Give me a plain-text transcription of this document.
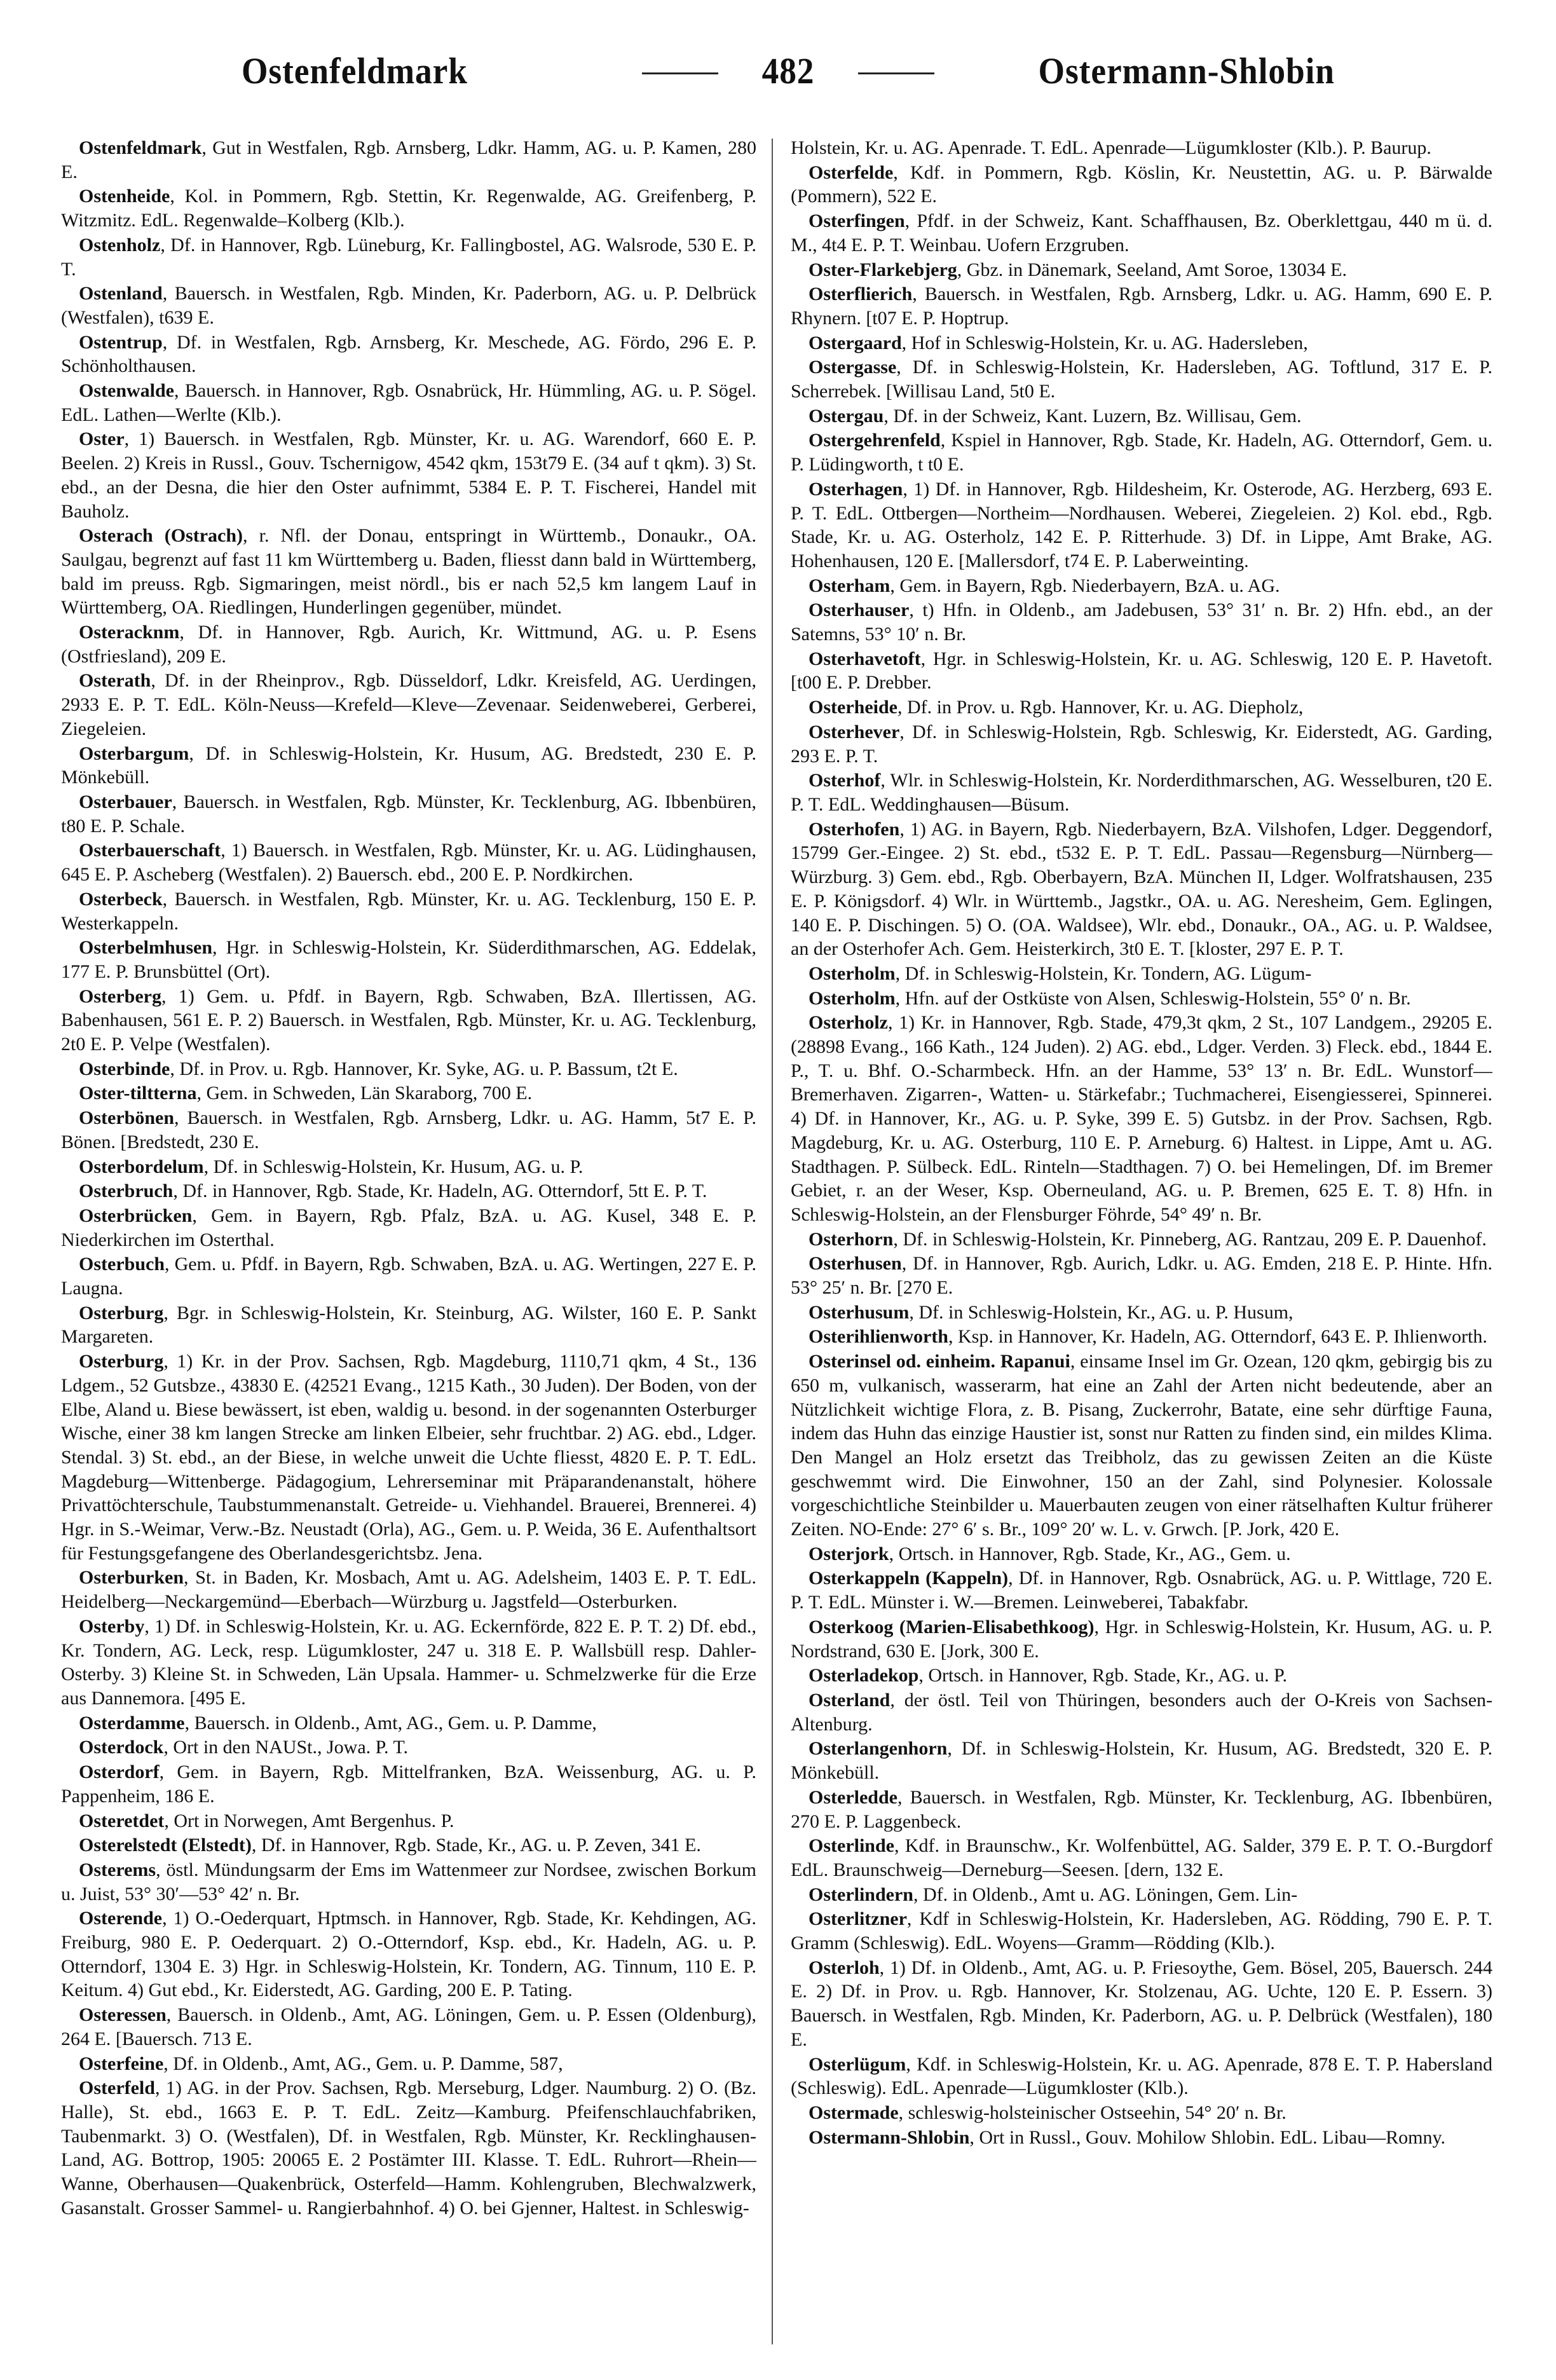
Ostenfeldmark	482	Ostermann-Shlobin

Ostenfeldmark, Gut in Westfalen, Rgb. Arnsberg, Ldkr. Hamm, AG. u. P. Kamen, 280 E.

Ostenheide, Kol. in Pommern, Rgb. Stettin, Kr. Regenwalde, AG. Greifenberg, P. Witzmitz. EdL. Regenwalde–Kolberg (Klb.).

Ostenholz, Df. in Hannover, Rgb. Lüneburg, Kr. Fallingbostel, AG. Walsrode, 530 E. P. T.

Ostenland, Bauersch. in Westfalen, Rgb. Minden, Kr. Paderborn, AG. u. P. Delbrück (Westfalen), t639 E.

Ostentrup, Df. in Westfalen, Rgb. Arnsberg, Kr. Meschede, AG. Fördo, 296 E. P. Schönholthausen.

Ostenwalde, Bauersch. in Hannover, Rgb. Osnabrück, Hr. Hümmling, AG. u. P. Sögel. EdL. Lathen—Werlte (Klb.).

Oster, 1) Bauersch. in Westfalen, Rgb. Münster, Kr. u. AG. Warendorf, 660 E. P. Beelen. 2) Kreis in Russl., Gouv. Tschernigow, 4542 qkm, 153t79 E. (34 auf t qkm). 3) St. ebd., an der Desna, die hier den Oster aufnimmt, 5384 E. P. T. Fischerei, Handel mit Bauholz.

Osterach (Ostrach), r. Nfl. der Donau, entspringt in Württemb., Donaukr., OA. Saulgau, begrenzt auf fast 11 km Württemberg u. Baden, fliesst dann bald in Württemberg, bald im preuss. Rgb. Sigmaringen, meist nördl., bis er nach 52,5 km langem Lauf in Württemberg, OA. Riedlingen, Hunderlingen gegenüber, mündet.

Osteracknm, Df. in Hannover, Rgb. Aurich, Kr. Wittmund, AG. u. P. Esens (Ostfriesland), 209 E.

Osterath, Df. in der Rheinprov., Rgb. Düsseldorf, Ldkr. Kreisfeld, AG. Uerdingen, 2933 E. P. T. EdL. Köln-Neuss—Krefeld—Kleve—Zevenaar. Seidenweberei, Gerberei, Ziegeleien.

Osterbargum, Df. in Schleswig-Holstein, Kr. Husum, AG. Bredstedt, 230 E. P. Mönkebüll.

Osterbauer, Bauersch. in Westfalen, Rgb. Münster, Kr. Tecklenburg, AG. Ibbenbüren, t80 E. P. Schale.

Osterbauerschaft, 1) Bauersch. in Westfalen, Rgb. Münster, Kr. u. AG. Lüdinghausen, 645 E. P. Ascheberg (Westfalen). 2) Bauersch. ebd., 200 E. P. Nordkirchen.

Osterbeck, Bauersch. in Westfalen, Rgb. Münster, Kr. u. AG. Tecklenburg, 150 E. P. Westerkappeln.

Osterbelmhusen, Hgr. in Schleswig-Holstein, Kr. Süderdithmarschen, AG. Eddelak, 177 E. P. Brunsbüttel (Ort).

Osterberg, 1) Gem. u. Pfdf. in Bayern, Rgb. Schwaben, BzA. Illertissen, AG. Babenhausen, 561 E. P. 2) Bauersch. in Westfalen, Rgb. Münster, Kr. u. AG. Tecklenburg, 2t0 E. P. Velpe (Westfalen).

Osterbinde, Df. in Prov. u. Rgb. Hannover, Kr. Syke, AG. u. P. Bassum, t2t E.

Oster-tiltterna, Gem. in Schweden, Län Skaraborg, 700 E.

Osterbönen, Bauersch. in Westfalen, Rgb. Arnsberg, Ldkr. u. AG. Hamm, 5t7 E. P. Bönen. [Bredstedt, 230 E.

Osterbordelum, Df. in Schleswig-Holstein, Kr. Husum, AG. u. P.

Osterbruch, Df. in Hannover, Rgb. Stade, Kr. Hadeln, AG. Otterndorf, 5tt E. P. T.

Osterbrücken, Gem. in Bayern, Rgb. Pfalz, BzA. u. AG. Kusel, 348 E. P. Niederkirchen im Osterthal.

Osterbuch, Gem. u. Pfdf. in Bayern, Rgb. Schwaben, BzA. u. AG. Wertingen, 227 E. P. Laugna.

Osterburg, Bgr. in Schleswig-Holstein, Kr. Steinburg, AG. Wilster, 160 E. P. Sankt Margareten.

Osterburg, 1) Kr. in der Prov. Sachsen, Rgb. Magdeburg, 1110,71 qkm, 4 St., 136 Ldgem., 52 Gutsbze., 43830 E. (42521 Evang., 1215 Kath., 30 Juden). Der Boden, von der Elbe, Aland u. Biese bewässert, ist eben, waldig u. besond. in der sogenannten Osterburger Wische, einer 38 km langen Strecke am linken Elbeier, sehr fruchtbar. 2) AG. ebd., Ldger. Stendal. 3) St. ebd., an der Biese, in welche unweit die Uchte fliesst, 4820 E. P. T. EdL. Magdeburg—Wittenberge. Pädagogium, Lehrerseminar mit Präparandenanstalt, höhere Privattöchterschule, Taubstummenanstalt. Getreide- u. Viehhandel. Brauerei, Brennerei. 4) Hgr. in S.-Weimar, Verw.-Bz. Neustadt (Orla), AG., Gem. u. P. Weida, 36 E. Aufenthaltsort für Festungsgefangene des Oberlandesgerichtsbz. Jena.

Osterburken, St. in Baden, Kr. Mosbach, Amt u. AG. Adelsheim, 1403 E. P. T. EdL. Heidelberg—Neckargemünd—Eberbach—Würzburg u. Jagstfeld—Osterburken.

Osterby, 1) Df. in Schleswig-Holstein, Kr. u. AG. Eckernförde, 822 E. P. T. 2) Df. ebd., Kr. Tondern, AG. Leck, resp. Lügumkloster, 247 u. 318 E. P. Wallsbüll resp. Dahler-Osterby. 3) Kleine St. in Schweden, Län Upsala. Hammer- u. Schmelzwerke für die Erze aus Dannemora. [495 E.

Osterdamme, Bauersch. in Oldenb., Amt, AG., Gem. u. P. Damme,

Osterdock, Ort in den NAUSt., Jowa. P. T.

Osterdorf, Gem. in Bayern, Rgb. Mittelfranken, BzA. Weissenburg, AG. u. P. Pappenheim, 186 E.

Osteretdet, Ort in Norwegen, Amt Bergenhus. P.

Osterelstedt (Elstedt), Df. in Hannover, Rgb. Stade, Kr., AG. u. P. Zeven, 341 E.

Osterems, östl. Mündungsarm der Ems im Wattenmeer zur Nordsee, zwischen Borkum u. Juist, 53° 30′—53° 42′ n. Br.

Osterende, 1) O.-Oederquart, Hptmsch. in Hannover, Rgb. Stade, Kr. Kehdingen, AG. Freiburg, 980 E. P. Oederquart. 2) O.-Otterndorf, Ksp. ebd., Kr. Hadeln, AG. u. P. Otterndorf, 1304 E. 3) Hgr. in Schleswig-Holstein, Kr. Tondern, AG. Tinnum, 110 E. P. Keitum. 4) Gut ebd., Kr. Eiderstedt, AG. Garding, 200 E. P. Tating.

Osteressen, Bauersch. in Oldenb., Amt, AG. Löningen, Gem. u. P. Essen (Oldenburg), 264 E. [Bauersch. 713 E.

Osterfeine, Df. in Oldenb., Amt, AG., Gem. u. P. Damme, 587,

Osterfeld, 1) AG. in der Prov. Sachsen, Rgb. Merseburg, Ldger. Naumburg. 2) O. (Bz. Halle), St. ebd., 1663 E. P. T. EdL. Zeitz—Kamburg. Pfeifenschlauchfabriken, Taubenmarkt. 3) O. (Westfalen), Df. in Westfalen, Rgb. Münster, Kr. Recklinghausen-Land, AG. Bottrop, 1905: 20065 E. 2 Postämter III. Klasse. T. EdL. Ruhrort—Rhein—Wanne, Oberhausen—Quakenbrück, Osterfeld—Hamm. Kohlengruben, Blechwalzwerk, Gasanstalt. Grosser Sammel- u. Rangierbahnhof. 4) O. bei Gjenner, Haltest. in Schleswig-

Holstein, Kr. u. AG. Apenrade. T. EdL. Apenrade—Lügumkloster (Klb.). P. Baurup.

Osterfelde, Kdf. in Pommern, Rgb. Köslin, Kr. Neustettin, AG. u. P. Bärwalde (Pommern), 522 E.

Osterfingen, Pfdf. in der Schweiz, Kant. Schaffhausen, Bz. Oberklettgau, 440 m ü. d. M., 4t4 E. P. T. Weinbau. Uofern Erzgruben.

Oster-Flarkebjerg, Gbz. in Dänemark, Seeland, Amt Soroe, 13034 E.

Osterflierich, Bauersch. in Westfalen, Rgb. Arnsberg, Ldkr. u. AG. Hamm, 690 E. P. Rhynern. [t07 E. P. Hoptrup.

Ostergaard, Hof in Schleswig-Holstein, Kr. u. AG. Hadersleben,

Ostergasse, Df. in Schleswig-Holstein, Kr. Hadersleben, AG. Toftlund, 317 E. P. Scherrebek. [Willisau Land, 5t0 E.

Ostergau, Df. in der Schweiz, Kant. Luzern, Bz. Willisau, Gem.

Ostergehrenfeld, Kspiel in Hannover, Rgb. Stade, Kr. Hadeln, AG. Otterndorf, Gem. u. P. Lüdingworth, t t0 E.

Osterhagen, 1) Df. in Hannover, Rgb. Hildesheim, Kr. Osterode, AG. Herzberg, 693 E. P. T. EdL. Ottbergen—Northeim—Nordhausen. Weberei, Ziegeleien. 2) Kol. ebd., Rgb. Stade, Kr. u. AG. Osterholz, 142 E. P. Ritterhude. 3) Df. in Lippe, Amt Brake, AG. Hohenhausen, 120 E. [Mallersdorf, t74 E. P. Laberweinting.

Osterham, Gem. in Bayern, Rgb. Niederbayern, BzA. u. AG.

Osterhauser, t) Hfn. in Oldenb., am Jadebusen, 53° 31′ n. Br. 2) Hfn. ebd., an der Satemns, 53° 10′ n. Br.

Osterhavetoft, Hgr. in Schleswig-Holstein, Kr. u. AG. Schleswig, 120 E. P. Havetoft. [t00 E. P. Drebber.

Osterheide, Df. in Prov. u. Rgb. Hannover, Kr. u. AG. Diepholz,

Osterhever, Df. in Schleswig-Holstein, Rgb. Schleswig, Kr. Eiderstedt, AG. Garding, 293 E. P. T.

Osterhof, Wlr. in Schleswig-Holstein, Kr. Norderdithmarschen, AG. Wesselburen, t20 E. P. T. EdL. Weddinghausen—Büsum.

Osterhofen, 1) AG. in Bayern, Rgb. Niederbayern, BzA. Vilshofen, Ldger. Deggendorf, 15799 Ger.-Eingee. 2) St. ebd., t532 E. P. T. EdL. Passau—Regensburg—Nürnberg—Würzburg. 3) Gem. ebd., Rgb. Oberbayern, BzA. München II, Ldger. Wolfratshausen, 235 E. P. Königsdorf. 4) Wlr. in Württemb., Jagstkr., OA. u. AG. Neresheim, Gem. Eglingen, 140 E. P. Dischingen. 5) O. (OA. Waldsee), Wlr. ebd., Donaukr., OA., AG. u. P. Waldsee, an der Osterhofer Ach. Gem. Heisterkirch, 3t0 E. T. [kloster, 297 E. P. T.

Osterholm, Df. in Schleswig-Holstein, Kr. Tondern, AG. Lügum-

Osterholm, Hfn. auf der Ostküste von Alsen, Schleswig-Holstein, 55° 0′ n. Br.

Osterholz, 1) Kr. in Hannover, Rgb. Stade, 479,3t qkm, 2 St., 107 Landgem., 29205 E. (28898 Evang., 166 Kath., 124 Juden). 2) AG. ebd., Ldger. Verden. 3) Fleck. ebd., 1844 E. P., T. u. Bhf. O.-Scharmbeck. Hfn. an der Hamme, 53° 13′ n. Br. EdL. Wunstorf—Bremerhaven. Zigarren-, Watten- u. Stärkefabr.; Tuchmacherei, Eisengiesserei, Spinnerei. 4) Df. in Hannover, Kr., AG. u. P. Syke, 399 E. 5) Gutsbz. in der Prov. Sachsen, Rgb. Magdeburg, Kr. u. AG. Osterburg, 110 E. P. Arneburg. 6) Haltest. in Lippe, Amt u. AG. Stadthagen. P. Sülbeck. EdL. Rinteln—Stadthagen. 7) O. bei Hemelingen, Df. im Bremer Gebiet, r. an der Weser, Ksp. Oberneuland, AG. u. P. Bremen, 625 E. T. 8) Hfn. in Schleswig-Holstein, an der Flensburger Föhrde, 54° 49′ n. Br.

Osterhorn, Df. in Schleswig-Holstein, Kr. Pinneberg, AG. Rantzau, 209 E. P. Dauenhof.

Osterhusen, Df. in Hannover, Rgb. Aurich, Ldkr. u. AG. Emden, 218 E. P. Hinte. Hfn. 53° 25′ n. Br. [270 E.

Osterhusum, Df. in Schleswig-Holstein, Kr., AG. u. P. Husum,

Osterihlienworth, Ksp. in Hannover, Kr. Hadeln, AG. Otterndorf, 643 E. P. Ihlienworth.

Osterinsel od. einheim. Rapanui, einsame Insel im Gr. Ozean, 120 qkm, gebirgig bis zu 650 m, vulkanisch, wasserarm, hat eine an Zahl der Arten nicht bedeutende, aber an Nützlichkeit wichtige Flora, z. B. Pisang, Zuckerrohr, Batate, eine sehr dürftige Fauna, indem das Huhn das einzige Haustier ist, sonst nur Ratten zu finden sind, ein mildes Klima. Den Mangel an Holz ersetzt das Treibholz, das zu gewissen Zeiten an die Küste geschwemmt wird. Die Einwohner, 150 an der Zahl, sind Polynesier. Kolossale vorgeschichtliche Steinbilder u. Mauerbauten zeugen von einer rätselhaften Kultur früherer Zeiten. NO-Ende: 27° 6′ s. Br., 109° 20′ w. L. v. Grwch. [P. Jork, 420 E.

Osterjork, Ortsch. in Hannover, Rgb. Stade, Kr., AG., Gem. u.

Osterkappeln (Kappeln), Df. in Hannover, Rgb. Osnabrück, AG. u. P. Wittlage, 720 E. P. T. EdL. Münster i. W.—Bremen. Leinweberei, Tabakfabr.

Osterkoog (Marien-Elisabethkoog), Hgr. in Schleswig-Holstein, Kr. Husum, AG. u. P. Nordstrand, 630 E. [Jork, 300 E.

Osterladekop, Ortsch. in Hannover, Rgb. Stade, Kr., AG. u. P.

Osterland, der östl. Teil von Thüringen, besonders auch der O-Kreis von Sachsen-Altenburg.

Osterlangenhorn, Df. in Schleswig-Holstein, Kr. Husum, AG. Bredstedt, 320 E. P. Mönkebüll.

Osterledde, Bauersch. in Westfalen, Rgb. Münster, Kr. Tecklenburg, AG. Ibbenbüren, 270 E. P. Laggenbeck.

Osterlinde, Kdf. in Braunschw., Kr. Wolfenbüttel, AG. Salder, 379 E. P. T. O.-Burgdorf EdL. Braunschweig—Derneburg—Seesen. [dern, 132 E.

Osterlindern, Df. in Oldenb., Amt u. AG. Löningen, Gem. Lin-

Osterlitzner, Kdf in Schleswig-Holstein, Kr. Hadersleben, AG. Rödding, 790 E. P. T. Gramm (Schleswig). EdL. Woyens—Gramm—Rödding (Klb.).

Osterloh, 1) Df. in Oldenb., Amt, AG. u. P. Friesoythe, Gem. Bösel, 205, Bauersch. 244 E. 2) Df. in Prov. u. Rgb. Hannover, Kr. Stolzenau, AG. Uchte, 120 E. P. Essern. 3) Bauersch. in Westfalen, Rgb. Minden, Kr. Paderborn, AG. u. P. Delbrück (Westfalen), 180 E.

Osterlügum, Kdf. in Schleswig-Holstein, Kr. u. AG. Apenrade, 878 E. T. P. Habersland (Schleswig). EdL. Apenrade—Lügumkloster (Klb.).

Ostermade, schleswig-holsteinischer Ostseehin, 54° 20′ n. Br.

Ostermann-Shlobin, Ort in Russl., Gouv. Mohilow Shlobin. EdL. Libau—Romny.
